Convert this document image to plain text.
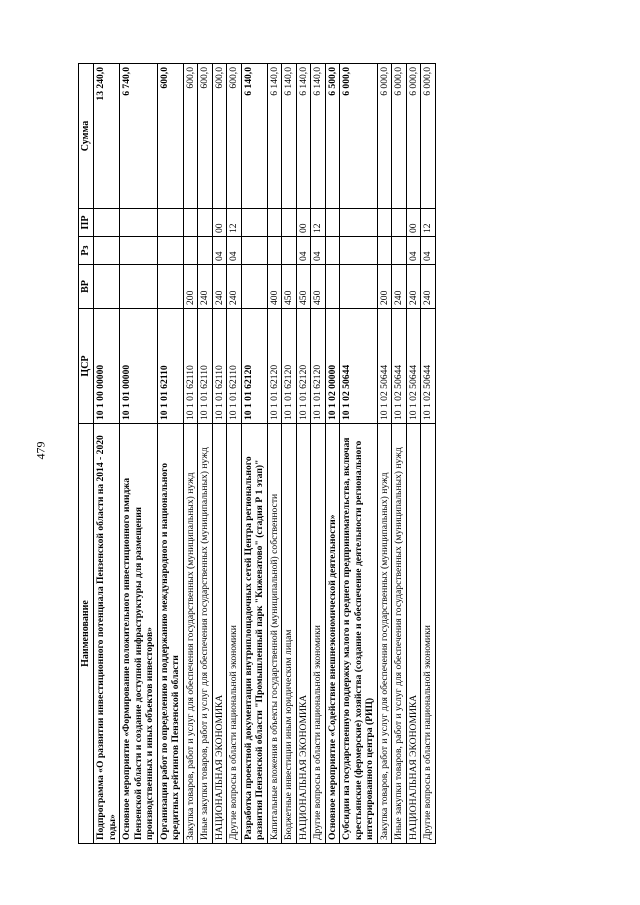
479
Наименование	ЦСР	ВР	Рз	ПР	Сумма
Подпрограмма «О развитии инвестиционного потенциала Пензенской области на 2014 - 2020 годы»	10 1 00 00000				13 240,0
Основное мероприятие «Формирование положительного инвестиционного имиджа Пензенской области и создание доступной инфраструктуры для размещения производственных и иных объектов инвесторов»	10 1 01 00000				6 740,0
Организация работ по определению и поддержанию международного и национального кредитных рейтингов Пензенской области	10 1 01 62110				600,0
Закупка товаров, работ и услуг для обеспечения государственных (муниципальных) нужд	10 1 01 62110	200			600,0
Иные закупки товаров, работ и услуг для обеспечения государственных (муниципальных) нужд	10 1 01 62110	240			600,0
НАЦИОНАЛЬНАЯ ЭКОНОМИКА	10 1 01 62110	240	04	00	600,0
Другие вопросы в области национальной экономики	10 1 01 62110	240	04	12	600,0
Разработка проектной документации внутриплощадочных сетей Центра регионального развития Пензенской области "Промышленный парк "Кижеватово" (стадия Р 1 этап)"	10 1 01 62120				6 140,0
Капитальные вложения в объекты государственной (муниципальной) собственности	10 1 01 62120	400			6 140,0
Бюджетные инвестиции иным юридическим лицам	10 1 01 62120	450			6 140,0
НАЦИОНАЛЬНАЯ ЭКОНОМИКА	10 1 01 62120	450	04	00	6 140,0
Другие вопросы в области национальной экономики	10 1 01 62120	450	04	12	6 140,0
Основное мероприятие «Содействие внешнеэкономической деятельности»	10 1 02 00000				6 500,0
Субсидии на государственную поддержку малого и среднего предпринимательства, включая крестьянские (фермерские) хозяйства (создание и обеспечение деятельности регионального интегрированного центра (РИЦ)	10 1 02 50644				6 000,0
Закупка товаров, работ и услуг для обеспечения государственных (муниципальных) нужд	10 1 02 50644	200			6 000,0
Иные закупки товаров, работ и услуг для обеспечения государственных (муниципальных) нужд	10 1 02 50644	240			6 000,0
НАЦИОНАЛЬНАЯ ЭКОНОМИКА	10 1 02 50644	240	04	00	6 000,0
Другие вопросы в области национальной экономики	10 1 02 50644	240	04	12	6 000,0
